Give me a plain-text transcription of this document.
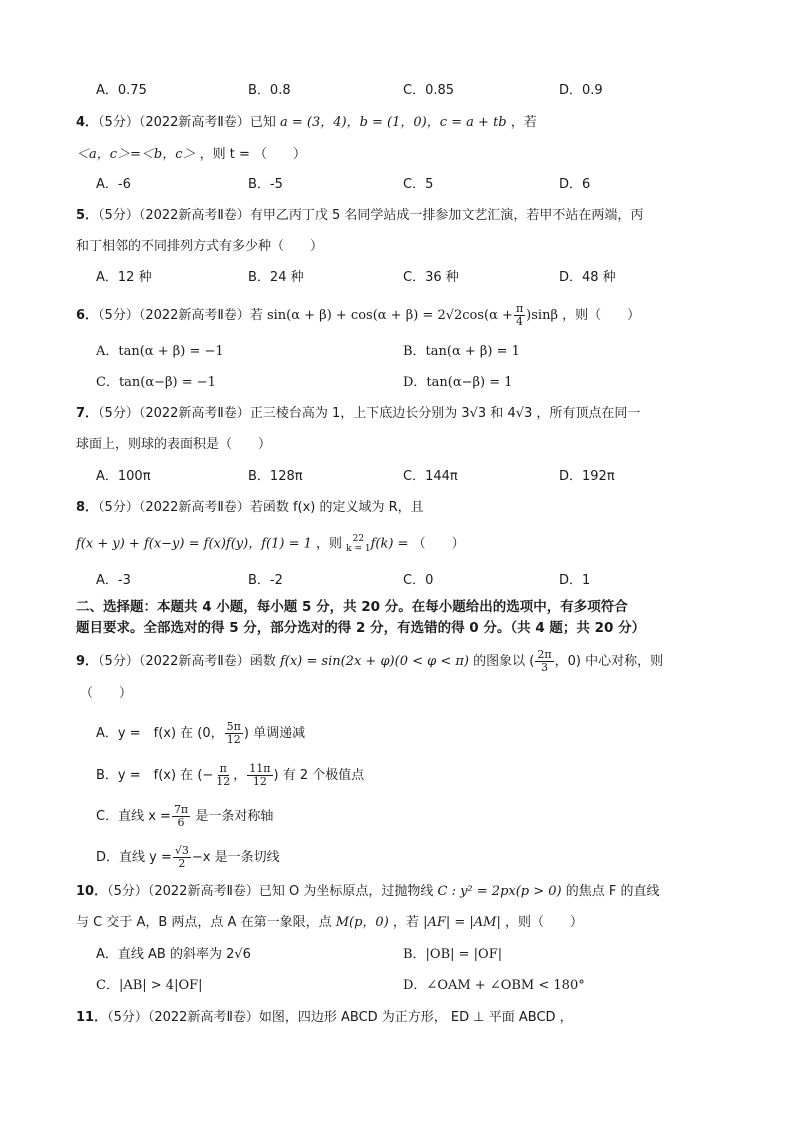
A．0.75	B．0.8	C．0.85	D．0.9
4．（5分）（2022新高考Ⅱ卷）已知 a = (3，4)，b = (1，0)，c = a + tb ，若
＜a，c＞=＜b，c＞ ，则 t = （　　）
A．-6	B．-5	C．5	D．6
5．（5分）（2022新高考Ⅱ卷）有甲乙丙丁戊 5 名同学站成一排参加文艺汇演，若甲不站在两端，丙
和丁相邻的不同排列方式有多少种（　　）
A．12 种	B．24 种	C．36 种	D．48 种
6．（5分）（2022新高考Ⅱ卷）若 $\sin(\alpha + \beta) + \cos(\alpha + \beta) = 2√2\cos(\alpha + \frac{\pi}{4} )\sin\beta$ ，则（　　）
A．tan(α + β) = −1	B．tan(α + β) = 1
C．tan(α−β) = −1	D．tan(α−β) = 1
7．（5分）（2022新高考Ⅱ卷）正三棱台高为 1，上下底边长分别为 3√3 和 4√3 ，所有顶点在同一
球面上，则球的表面积是（　　）
A．100π	B．128π	C．144π	D．192π
8．（5分）（2022新高考Ⅱ卷）若函数 f(x) 的定义域为 R，且
f(x + y) + f(x−y) = f(x)f(y)，f(1) = 1 ，则 22
k = 1 f(k) = （　　）
A．-3	B．-2	C．0	D．1
二、选择题：本题共 4 小题，每小题 5 分，共 20 分。在每小题给出的选项中，有多项符合
题目要求。全部选对的得 5 分，部分选对的得 2 分，有选错的得 0 分。（共 4 题；共 20 分）
9．（5分）（2022新高考Ⅱ卷）函数 f(x) = sin(2x + φ)(0 < φ < π) 的图象以 ( $\frac{2\pi}{3}$ ，0) 中心对称，则
（　　）
A．y =　f(x) 在 (0， $\frac{5\pi}{12}$ ) 单调递减
B．y =　f(x) 在 (− $\frac{\pi}{12}$ ， $\frac{11\pi}{12}$ ) 有 2 个极值点
C．直线 $x = \frac{7\pi}{6}$ 是一条对称轴
D．直线 $y = \frac{√3}{2} -x$ 是一条切线
10．（5分）（2022新高考Ⅱ卷）已知 O 为坐标原点，过抛物线 C : y² = 2px(p > 0) 的焦点 F 的直线
与 C 交于 A，B 两点，点 A 在第一象限，点 M(p，0) ，若 |AF| = |AM| ，则（　　）
A．直线 AB 的斜率为 2√6	B．|OB| = |OF|
C．|AB| > 4|OF|	D．∠OAM + ∠OBM < 180°
11．（5分）（2022新高考Ⅱ卷）如图，四边形 ABCD 为正方形， ED ⊥ 平面 ABCD ，
